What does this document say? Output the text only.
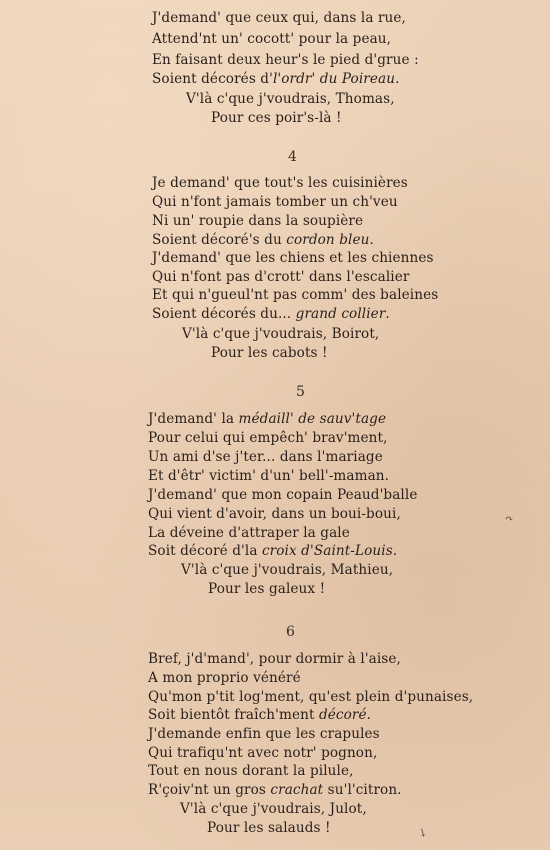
J'demand' que ceux qui, dans la rue,
Attend'nt un' cocott' pour la peau,
En faisant deux heur's le pied d'grue :
Soient décorés d'l'ordr' du Poireau.
V'là c'que j'voudrais, Thomas,
Pour ces poir's-là !
4
Je demand' que tout's les cuisinières
Qui n'font jamais tomber un ch'veu
Ni un' roupie dans la soupière
Soient décoré's du cordon bleu.
J'demand' que les chiens et les chiennes
Qui n'font pas d'crott' dans l'escalier
Et qui n'gueul'nt pas comm' des baleines
Soient décorés du... grand collier.
V'là c'que j'voudrais, Boirot,
Pour les cabots !
5
J'demand' la médaill' de sauv'tage
Pour celui qui empêch' brav'ment,
Un ami d'se j'ter... dans l'mariage
Et d'êtr' victim' d'un' bell'-maman.
J'demand' que mon copain Peaud'balle
Qui vient d'avoir, dans un boui-boui,
La déveine d'attraper la gale
Soit décoré d'la croix d'Saint-Louis.
V'là c'que j'voudrais, Mathieu,
Pour les galeux !
6
Bref, j'd'mand', pour dormir à l'aise,
A mon proprio vénéré
Qu'mon p'tit log'ment, qu'est plein d'punaises,
Soit bientôt fraîch'ment décoré.
J'demande enfin que les crapules
Qui trafiqu'nt avec notr' pognon,
Tout en nous dorant la pilule,
R'çoiv'nt un gros crachat su'l'citron.
V'là c'que j'voudrais, Julot,
Pour les salauds !	↘
↷
